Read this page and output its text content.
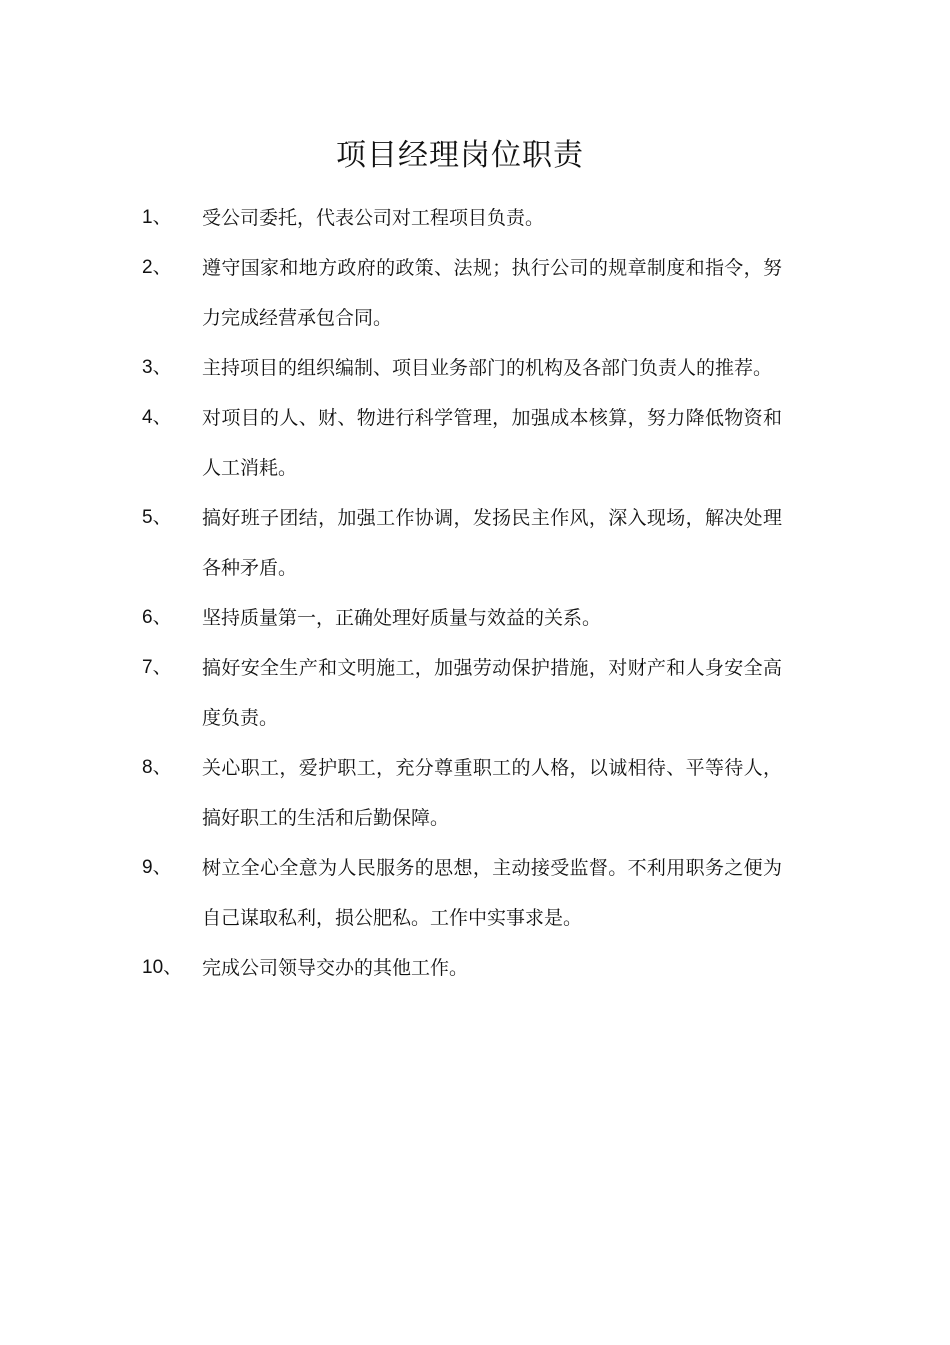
项目经理岗位职责
1、	受公司委托，代表公司对工程项目负责。
2、	遵守国家和地方政府的政策、法规；执行公司的规章制度和指令，努力完成经营承包合同。
3、	主持项目的组织编制、项目业务部门的机构及各部门负责人的推荐。
4、	对项目的人、财、物进行科学管理，加强成本核算，努力降低物资和人工消耗。
5、	搞好班子团结，加强工作协调，发扬民主作风，深入现场，解决处理各种矛盾。
6、	坚持质量第一，正确处理好质量与效益的关系。
7、	搞好安全生产和文明施工，加强劳动保护措施，对财产和人身安全高度负责。
8、	关心职工，爱护职工，充分尊重职工的人格，以诚相待、平等待人，搞好职工的生活和后勤保障。
9、	树立全心全意为人民服务的思想，主动接受监督。不利用职务之便为自己谋取私利，损公肥私。工作中实事求是。
10、	完成公司领导交办的其他工作。
